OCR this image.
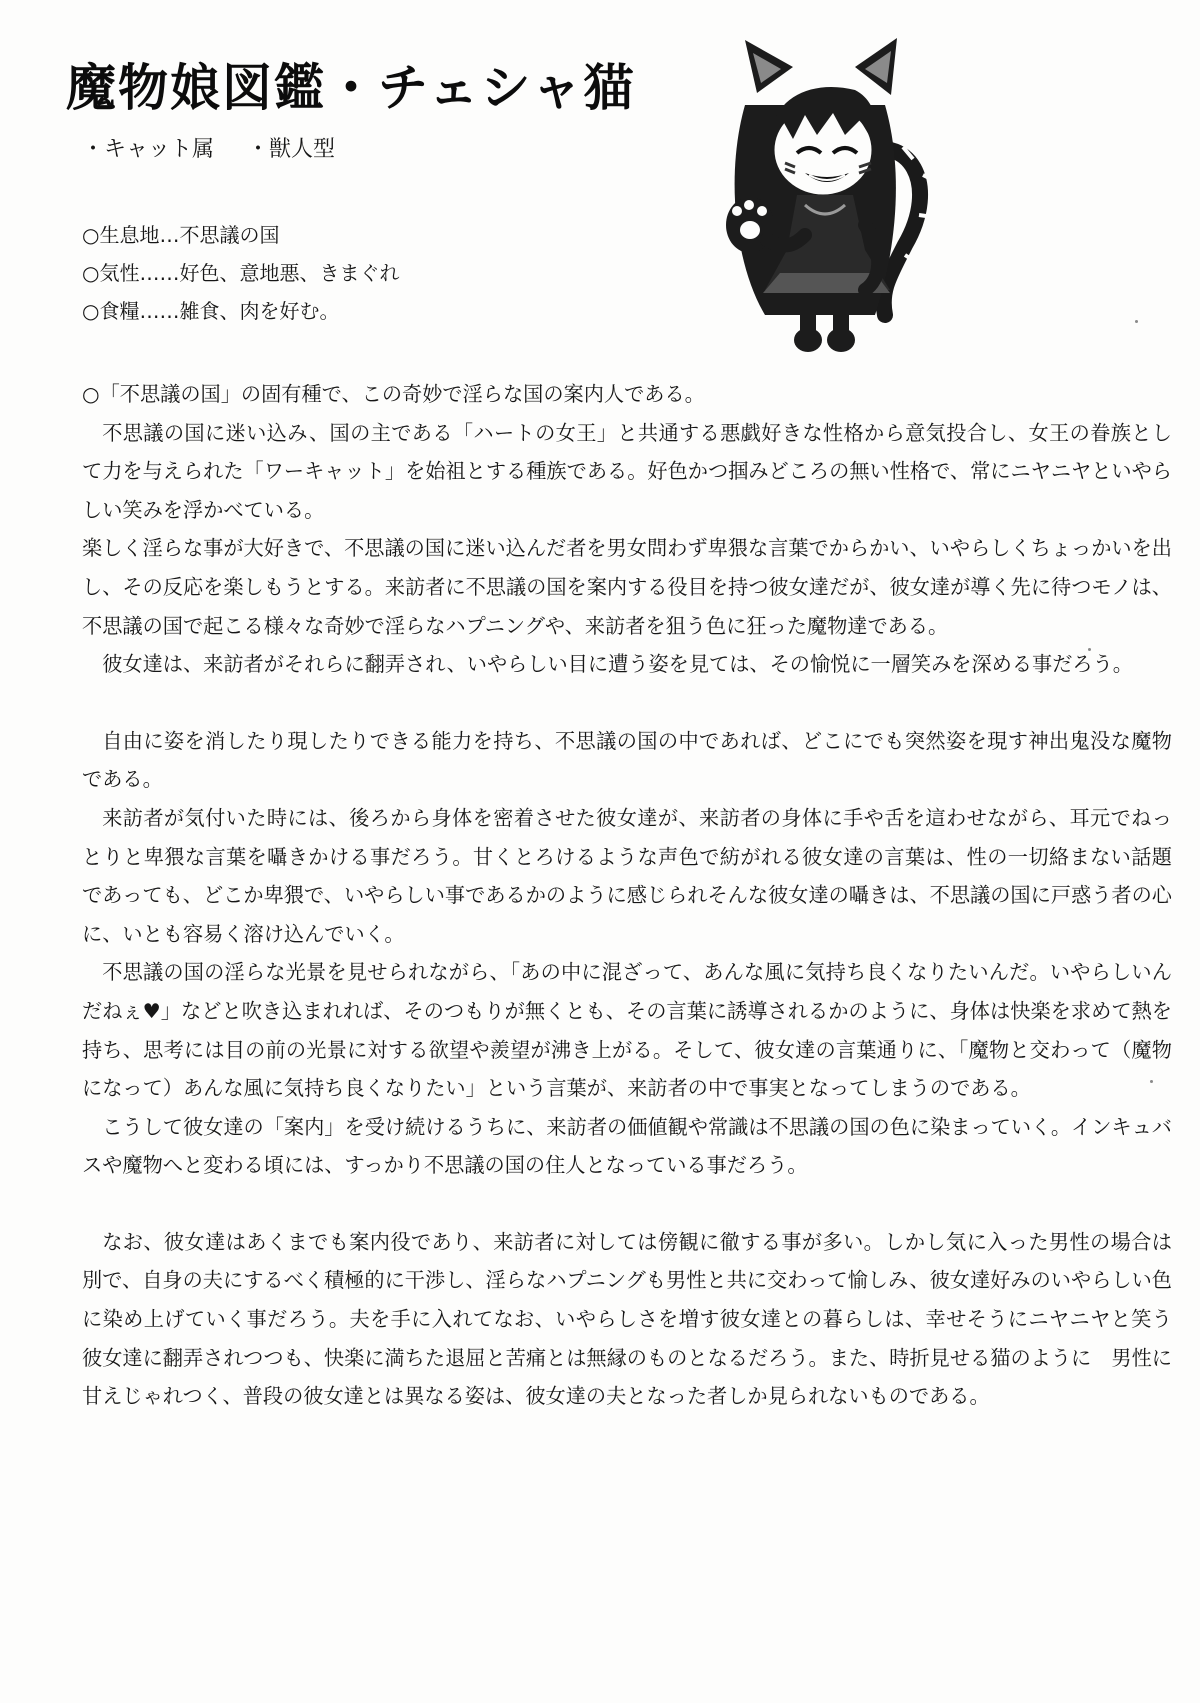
魔物娘図鑑・チェシャ猫
・キャット属 ・獣人型
○生息地…不思議の国
○気性……好色、意地悪、きまぐれ
○食糧……雑食、肉を好む。

○「不思議の国」の固有種で、この奇妙で淫らな国の案内人である。

不思議の国に迷い込み、国の主である「ハートの女王」と共通する悪戯好きな性格から意気投合し、女王の眷族として力を与えられた「ワーキャット」を始祖とする種族である。好色かつ掴みどころの無い性格で、常にニヤニヤといやらしい笑みを浮かべている。

楽しく淫らな事が大好きで、不思議の国に迷い込んだ者を男女問わず卑猥な言葉でからかい、いやらしくちょっかいを出し、その反応を楽しもうとする。来訪者に不思議の国を案内する役目を持つ彼女達だが、彼女達が導く先に待つモノは、不思議の国で起こる様々な奇妙で淫らなハプニングや、来訪者を狙う色に狂った魔物達である。

彼女達は、来訪者がそれらに翻弄され、いやらしい目に遭う姿を見ては、その愉悦に一層笑みを深める事だろう。

自由に姿を消したり現したりできる能力を持ち、不思議の国の中であれば、どこにでも突然姿を現す神出鬼没な魔物である。

来訪者が気付いた時には、後ろから身体を密着させた彼女達が、来訪者の身体に手や舌を這わせながら、耳元でねっとりと卑猥な言葉を囁きかける事だろう。甘くとろけるような声色で紡がれる彼女達の言葉は、性の一切絡まない話題であっても、どこか卑猥で、いやらしい事であるかのように感じられそんな彼女達の囁きは、不思議の国に戸惑う者の心に、いとも容易く溶け込んでいく。

不思議の国の淫らな光景を見せられながら、「あの中に混ざって、あんな風に気持ち良くなりたいんだ。いやらしいんだねぇ♥」などと吹き込まれれば、そのつもりが無くとも、その言葉に誘導されるかのように、身体は快楽を求めて熱を持ち、思考には目の前の光景に対する欲望や羨望が沸き上がる。そして、彼女達の言葉通りに、「魔物と交わって（魔物になって）あんな風に気持ち良くなりたい」という言葉が、来訪者の中で事実となってしまうのである。

こうして彼女達の「案内」を受け続けるうちに、来訪者の価値観や常識は不思議の国の色に染まっていく。インキュバスや魔物へと変わる頃には、すっかり不思議の国の住人となっている事だろう。

なお、彼女達はあくまでも案内役であり、来訪者に対しては傍観に徹する事が多い。しかし気に入った男性の場合は別で、自身の夫にするべく積極的に干渉し、淫らなハプニングも男性と共に交わって愉しみ、彼女達好みのいやらしい色に染め上げていく事だろう。夫を手に入れてなお、いやらしさを増す彼女達との暮らしは、幸せそうにニヤニヤと笑う彼女達に翻弄されつつも、快楽に満ちた退屈と苦痛とは無縁のものとなるだろう。また、時折見せる猫のように　男性に甘えじゃれつく、普段の彼女達とは異なる姿は、彼女達の夫となった者しか見られないものである。
